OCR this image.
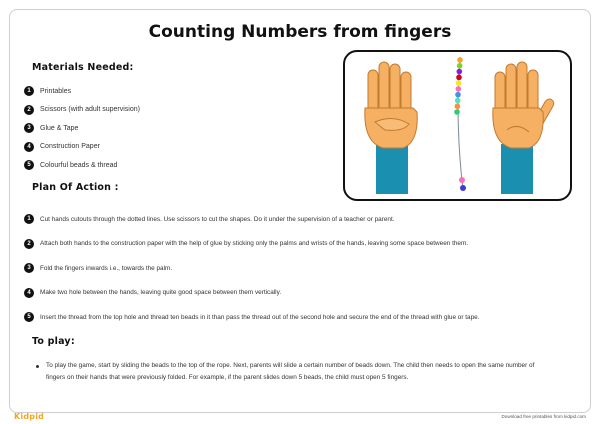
Counting Numbers from fingers
Materials Needed:
1	Printables
2	Scissors (with adult supervision)
3	Glue & Tape
4	Construction Paper
5	Colourful beads & thread
Plan Of Action :
1	Cut hands cutouts through the dotted lines. Use scissors to cut the shapes. Do it under the supervision of a teacher or parent.
2	Attach both hands to the construction paper with the help of glue by sticking only the palms and wrists of the hands, leaving some space between them.
3	Fold the fingers inwards i.e., towards the palm.
4	Make two hole between the hands, leaving quite good space between them vertically.
5	Insert the thread from the top hole and thread ten beads in it than pass the thread out of the second hole and secure the end of the thread with glue or tape.
To play:

To play the game, start by sliding the beads to the top of the rope. Next, parents will slide a certain number of beads down. The child then needs to open the same number of fingers on their hands that were previously folded. For example, if the parent slides down 5 beads, the child must open 5 fingers.

Kidpid	Download free printables from kidpid.com
